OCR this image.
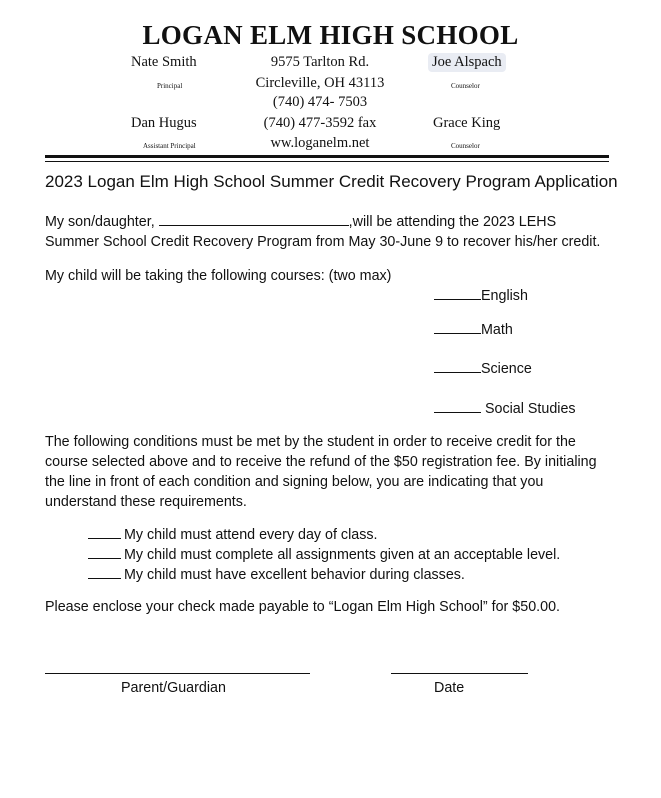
LOGAN ELM HIGH SCHOOL
Nate Smith
Principal
Dan Hugus
Assistant Principal
9575 Tarlton Rd.
Circleville, OH 43113
(740) 474- 7503
(740) 477-3592 fax
ww.loganelm.net
Joe Alspach
Counselor
Grace King
Counselor
2023 Logan Elm High School Summer Credit Recovery Program Application
My son/daughter,	,will be attending the 2023 LEHS
Summer School Credit Recovery Program from May 30-June 9 to recover his/her credit.
My child will be taking the following courses: (two max)
English
Math
Science
Social Studies
The following conditions must be met by the student in order to receive credit for the
course selected above and to receive the refund of the $50 registration fee. By initialing
the line in front of each condition and signing below, you are indicating that you
understand these requirements.
My child must attend every day of class.
My child must complete all assignments given at an acceptable level.
My child must have excellent behavior during classes.
Please enclose your check made payable to “Logan Elm High School” for $50.00.
Parent/Guardian	Date
